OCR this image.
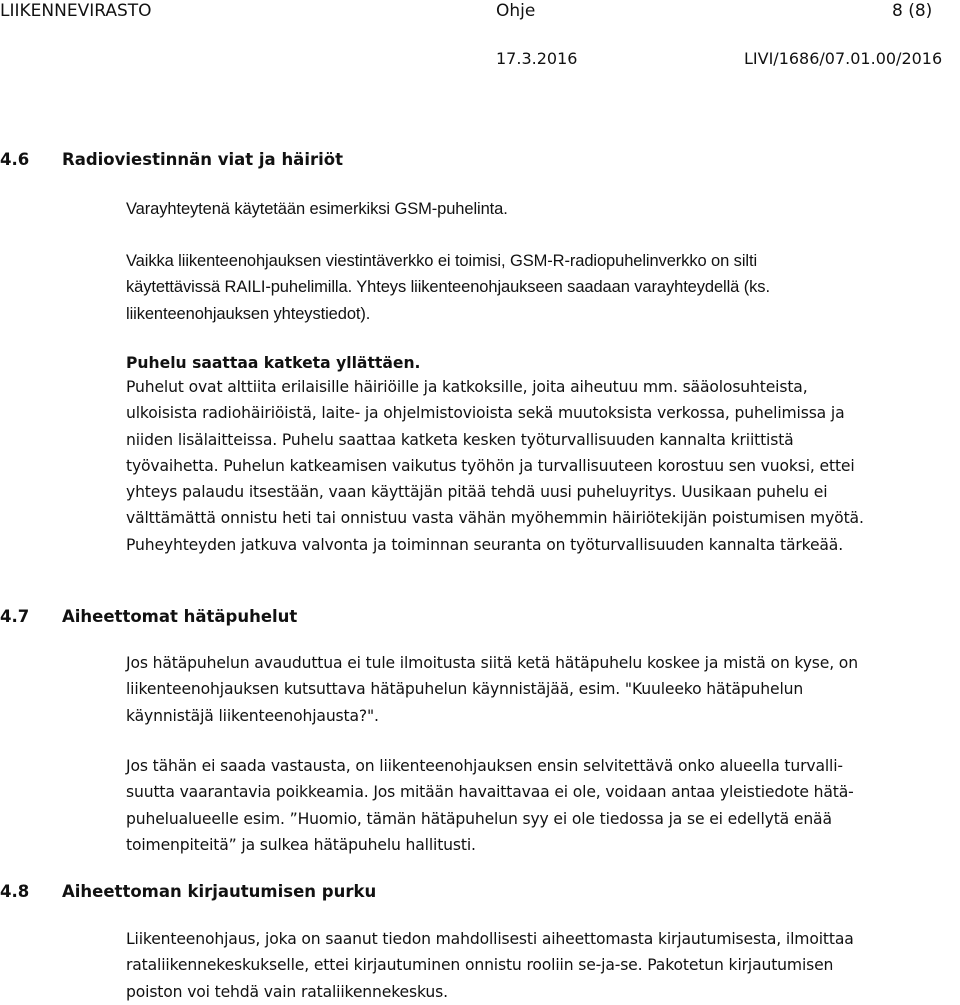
LIIKENNEVIRASTO	Ohje	8 (8)
17.3.2016	LIVI/1686/07.01.00/2016
4.6 Radioviestinnän viat ja häiriöt
Varayhteytenä käytetään esimerkiksi GSM-puhelinta.
Vaikka liikenteenohjauksen viestintäverkko ei toimisi, GSM-R-radiopuhelinverkko on silti
käytettävissä RAILI-puhelimilla. Yhteys liikenteenohjaukseen saadaan varayhteydellä (ks.
liikenteenohjauksen yhteystiedot).
Puhelu saattaa katketa yllättäen.
Puhelut ovat alttiita erilaisille häiriöille ja katkoksille, joita aiheutuu mm. sääolosuhteista,
ulkoisista radiohäiriöistä, laite- ja ohjelmistovioista sekä muutoksista verkossa, puhelimissa ja
niiden lisälaitteissa. Puhelu saattaa katketa kesken työturvallisuuden kannalta kriittistä
työvaihetta. Puhelun katkeamisen vaikutus työhön ja turvallisuuteen korostuu sen vuoksi, ettei
yhteys palaudu itsestään, vaan käyttäjän pitää tehdä uusi puheluyritys. Uusikaan puhelu ei
välttämättä onnistu heti tai onnistuu vasta vähän myöhemmin häiriötekijän poistumisen myötä.
Puheyhteyden jatkuva valvonta ja toiminnan seuranta on työturvallisuuden kannalta tärkeää.
4.7 Aiheettomat hätäpuhelut
Jos hätäpuhelun avauduttua ei tule ilmoitusta siitä ketä hätäpuhelu koskee ja mistä on kyse, on
liikenteenohjauksen kutsuttava hätäpuhelun käynnistäjää, esim. "Kuuleeko hätäpuhelun
käynnistäjä liikenteenohjausta?".
Jos tähän ei saada vastausta, on liikenteenohjauksen ensin selvitettävä onko alueella turvalli-
suutta vaarantavia poikkeamia. Jos mitään havaittavaa ei ole, voidaan antaa yleistiedote hätä-
puhelualueelle esim. ”Huomio, tämän hätäpuhelun syy ei ole tiedossa ja se ei edellytä enää
toimenpiteitä” ja sulkea hätäpuhelu hallitusti.
4.8 Aiheettoman kirjautumisen purku
Liikenteenohjaus, joka on saanut tiedon mahdollisesti aiheettomasta kirjautumisesta, ilmoittaa
rataliikennekeskukselle, ettei kirjautuminen onnistu rooliin se-ja-se. Pakotetun kirjautumisen
poiston voi tehdä vain rataliikennekeskus.
